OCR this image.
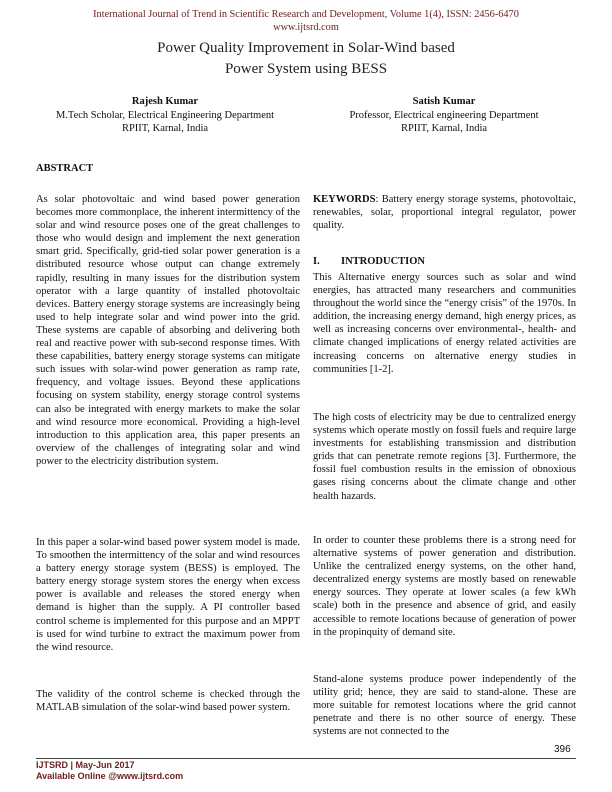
International Journal of Trend in Scientific Research and Development, Volume 1(4), ISSN: 2456-6470
www.ijtsrd.com
Power Quality Improvement in Solar-Wind based
Power System using BESS
Rajesh Kumar
M.Tech Scholar, Electrical Engineering Department
RPIIT, Karnal, India
Satish Kumar
Professor, Electrical engineering Department
RPIIT, Karnal, India
ABSTRACT
As solar photovoltaic and wind based power generation becomes more commonplace, the inherent intermittency of the solar and wind resource poses one of the great challenges to those who would design and implement the next generation smart grid. Specifically, grid-tied solar power generation is a distributed resource whose output can change extremely rapidly, resulting in many issues for the distribution system operator with a large quantity of installed photovoltaic devices. Battery energy storage systems are increasingly being used to help integrate solar and wind power into the grid. These systems are capable of absorbing and delivering both real and reactive power with sub-second response times. With these capabilities, battery energy storage systems can mitigate such issues with solar-wind power generation as ramp rate, frequency, and voltage issues. Beyond these applications focusing on system stability, energy storage control systems can also be integrated with energy markets to make the solar and wind resource more economical. Providing a high-level introduction to this application area, this paper presents an overview of the challenges of integrating solar and wind power to the electricity distribution system.
In this paper a solar-wind based power system model is made. To smoothen the intermittency of the solar and wind resources a battery energy storage system (BESS) is employed. The battery energy storage system stores the energy when excess power is available and releases the stored energy when demand is higher than the supply. A PI controller based control scheme is implemented for this purpose and an MPPT is used for wind turbine to extract the maximum power from the wind resource.
The validity of the control scheme is checked through the MATLAB simulation of the solar-wind based power system.
KEYWORDS: Battery energy storage systems, photovoltaic, renewables, solar, proportional integral regulator, power quality.
I. INTRODUCTION
This Alternative energy sources such as solar and wind energies, has attracted many researchers and communities throughout the world since the “energy crisis” of the 1970s. In addition, the increasing energy demand, high energy prices, as well as increasing concerns over environmental-, health- and climate changed implications of energy related activities are increasing concerns on alternative energy studies in communities [1-2].
The high costs of electricity may be due to centralized energy systems which operate mostly on fossil fuels and require large investments for establishing transmission and distribution grids that can penetrate remote regions [3]. Furthermore, the fossil fuel combustion results in the emission of obnoxious gases rising concerns about the climate change and other health hazards.
In order to counter these problems there is a strong need for alternative systems of power generation and distribution. Unlike the centralized energy systems, on the other hand, decentralized energy systems are mostly based on renewable energy sources. They operate at lower scales (a few kWh scale) both in the presence and absence of grid, and easily accessible to remote locations because of generation of power in the propinquity of demand site.
Stand-alone systems produce power independently of the utility grid; hence, they are said to stand-alone. These are more suitable for remotest locations where the grid cannot penetrate and there is no other source of energy. These systems are not connected to the
396
IJTSRD | May-Jun 2017
Available Online @www.ijtsrd.com
